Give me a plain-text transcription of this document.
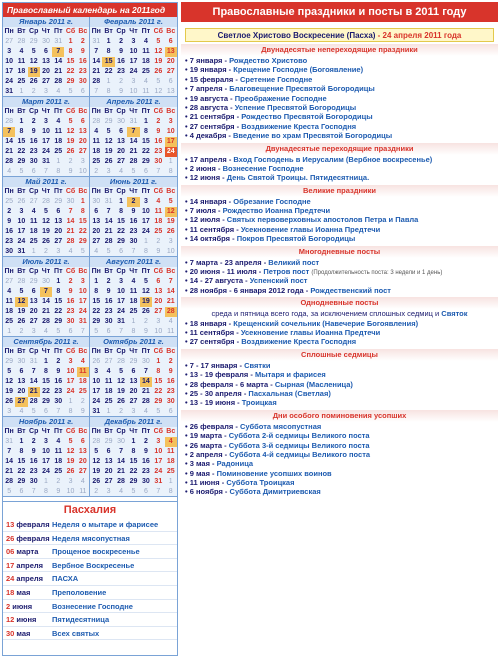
Православный календарь на 2011год
Январь 2011 г.
Пн Вт Ср Чт Пт Сб Вс
27 28 29 30 31 1	2
3	4	5	6	7	8	9
10 11 12 13 14 15 16
17 18 19 20 21 22 23
24 25 26 27 28 29 30
31 1	2	3	4	5	6
Февраль 2011 г.
Пн Вт Ср Чт Пт Сб Вс
31 1	2	3	4	5	6
7	8	9 10 11 12 13
14 15 16 17 18 19 20
21 22 23 24 25 26 27
28 1	2	3	4	5	6
7	8	9 10 11 12 13
Март 2011 г.
Пн Вт Ср Чт Пт Сб Вс
28 1	2	3	4	5	6
7	8	9 10 11 12 13
14 15 16 17 18 19 20
21 22 23 24 25 26 27
28 29 30 31 1	2	3
4	5	6	7	8	9 10
Апрель 2011 г.
Пн Вт Ср Чт Пт Сб Вс
28 29 30 31 1	2	3
4	5	6	7	8	9 10
11 12 13 14 15 16 17
18 19 20 21 22 23 24
25 26 27 28 29 30 1
2	3	4	5	6	7	8
Май 2011 г.
Пн Вт Ср Чт Пт Сб Вс
25 26 27 28 29 30 1
2	3	4	5	6	7	8
9 10 11 12 13 14 15
16 17 18 19 20 21 22
23 24 25 26 27 28 29
30 31 1	2	3	4	5
Июнь 2011 г.
Пн Вт Ср Чт Пт Сб Вс
30 31 1	2	3	4	5
6	7	8	9 10 11 12
13 14 15 16 17 18 19
20 21 22 23 24 25 26
27 28 29 30 1	2	3
4	5	6	7	8	9 10
Июль 2011 г.
Пн Вт Ср Чт Пт Сб Вс
27 28 29 30 1	2	3
4	5	6	7	8	9 10
11 12 13 14 15 16 17
18 19 20 21 22 23 24
25 26 27 28 29 30 31
1	2	3	4	5	6	7
Август 2011 г.
Пн Вт Ср Чт Пт Сб Вс
1	2	3	4	5	6	7
8	9 10 11 12 13 14
15 16 17 18 19 20 21
22 23 24 25 26 27 28
29 30 31 1	2	3	4
5	6	7	8	9 10 11
Сентябрь 2011 г.
Пн Вт Ср Чт Пт Сб Вс
29 30 31 1	2	3	4
5	6	7	8	9 10 11
12 13 14 15 16 17 18
19 20 21 22 23 24 25
26 27 28 29 30 1	2
3	4	5	6	7	8	9
Октябрь 2011 г.
Пн Вт Ср Чт Пт Сб Вс
26 27 28 29 30 1	2
3	4	5	6	7	8	9
10 11 12 13 14 15 16
17 18 19 20 21 22 23
24 25 26 27 28 29 30
31 1	2	3	4	5	6
Ноябрь 2011 г.
Пн Вт Ср Чт Пт Сб Вс
31 1	2	3	4	5	6
7	8	9 10 11 12 13
14 15 16 17 18 19 20
21 22 23 24 25 26 27
28 29 30 1	2	3	4
5	6	7	8	9 10 11
Декабрь 2011 г.
Пн Вт Ср Чт Пт Сб Вс
28 29 30 1	2	3	4
5	6	7	8	9 10 11
12 13 14 15 16 17 18
19 20 21 22 23 24 25
26 27 28 29 30 31 1
2	3	4	5	6	7	8
Пасхалия
13 февраля Неделя о мытаре и фарисее
26 февраля Неделя мясопустная
06 марта	Прощеное воскресенье
17 апреля	Вербное Воскресенье
24 апреля	ПАСХА
18 мая	Преполовение
2 июня	Вознесение Господне
12 июня	Пятидесятница
30 мая	Всех святых
Православные праздники и посты в 2011 году
Светлое Христово Воскресение (Пасха) - 24 апреля 2011 года
Двунадесятые непереходящие праздники
• 7 января - Рождество Христово
• 19 января - Крещение Господне (Богоявление)
• 15 февраля - Сретение Господне
• 7 апреля - Благовещение Пресвятой Богородицы
• 19 августа - Преображение Господне
• 28 августа - Успение Пресвятой Богородицы
• 21 сентября - Рождество Пресвятой Богородицы
• 27 сентября - Воздвижение Креста Господня
• 4 декабря - Введение во храм Пресвятой Богородицы
Двунадесятые переходящие праздники
• 17 апреля - Вход Господень в Иерусалим (Вербное воскресенье)
• 2 июня - Вознесение Господне
• 12 июня - День Святой Троицы. Пятидесятница.
Великие праздники
• 14 января - Обрезание Господне
• 7 июля - Рождество Иоанна Предтечи
• 12 июля - Святых первоверховных апостолов Петра и Павла
• 11 сентября - Усекновение главы Иоанна Предтечи
• 14 октября - Покров Пресвятой Богородицы
Многодневные посты
• 7 марта - 23 апреля - Великий пост
• 20 июня - 11 июля - Петров пост (Продолжительность поста: 3 недели и 1 день)
• 14 - 27 августа - Успенский пост
• 28 ноября - 6 января 2012 года - Рождественский пост
Однодневные посты
среда и пятница всего года, за исключением сплошных седмиц и Святок
• 18 января - Крещенский сочельник (Навечерие Богоявления)
• 11 сентября - Усекновение главы Иоанна Предтечи
• 27 сентября - Воздвижение Креста Господня
Сплошные седмицы
• 7 - 17 января - Святки
• 13 - 19 февраля - Мытаря и фарисея
• 28 февраля - 6 марта - Сырная (Масленица)
• 25 - 30 апреля - Пасхальная (Светлая)
• 13 - 19 июня - Троицкая
Дни особого поминовения усопших
• 26 февраля - Суббота мясопустная
• 19 марта - Суббота 2-й седмицы Великого поста
• 26 марта - Суббота 3-й седмицы Великого поста
• 2 апреля - Суббота 4-й седмицы Великого поста
• 3 мая - Радоница
• 9 мая - Поминовение усопших воинов
• 11 июня - Суббота Троицкая
• 6 ноября - Суббота Димитриевская
